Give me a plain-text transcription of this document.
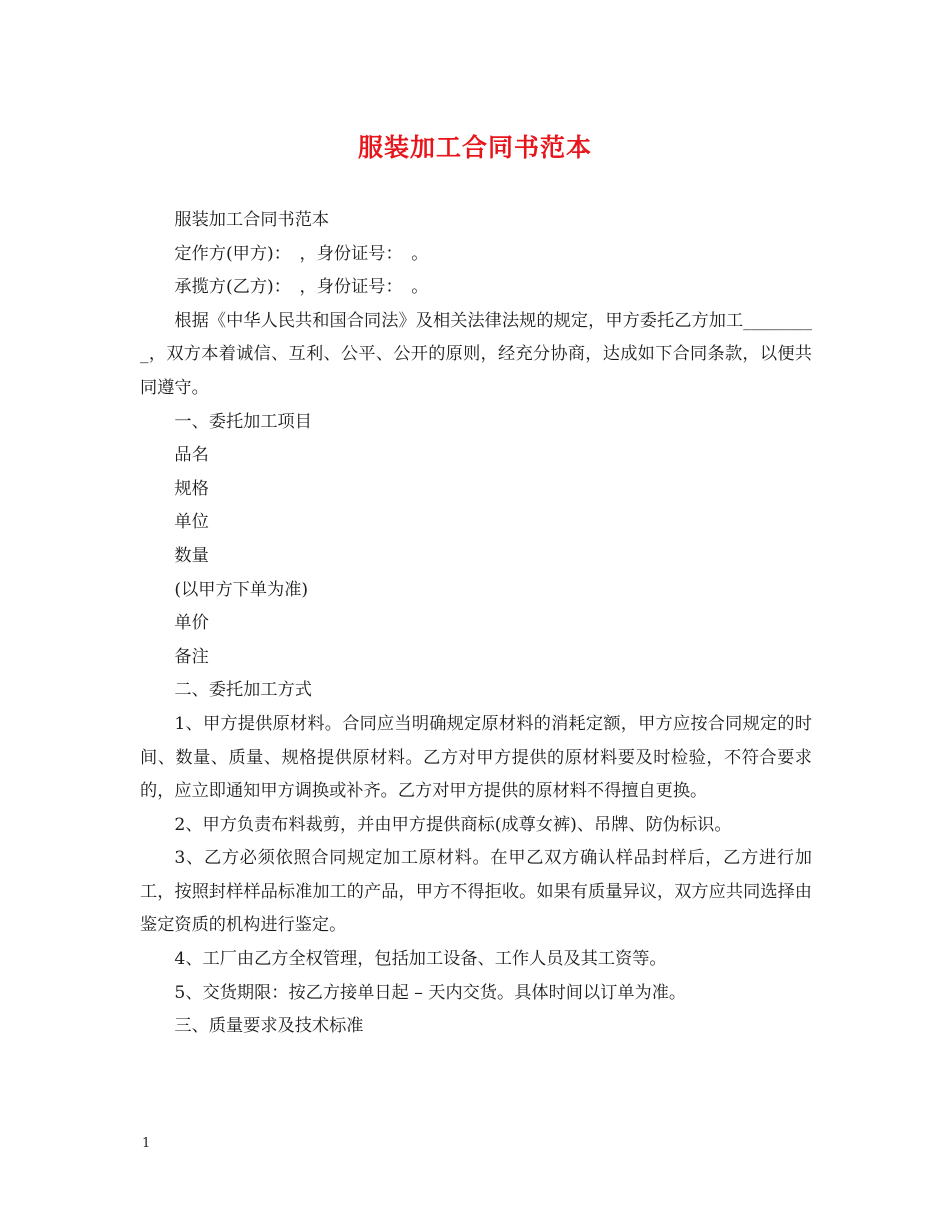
服装加工合同书范本

服装加工合同书范本

定作方(甲方)：　，身份证号：　。

承揽方(乙方)：　，身份证号：　。

根据《中华人民共和国合同法》及相关法律法规的规定，甲方委托乙方加工_________，双方本着诚信、互利、公平、公开的原则，经充分协商，达成如下合同条款，以便共同遵守。

一、委托加工项目

品名

规格

单位

数量

(以甲方下单为准)

单价

备注

二、委托加工方式

1、甲方提供原材料。合同应当明确规定原材料的消耗定额，甲方应按合同规定的时间、数量、质量、规格提供原材料。乙方对甲方提供的原材料要及时检验，不符合要求的，应立即通知甲方调换或补齐。乙方对甲方提供的原材料不得擅自更换。

2、甲方负责布料裁剪，并由甲方提供商标(成尊女裤)、吊牌、防伪标识。

3、乙方必须依照合同规定加工原材料。在甲乙双方确认样品封样后，乙方进行加工，按照封样样品标准加工的产品，甲方不得拒收。如果有质量异议，双方应共同选择由鉴定资质的机构进行鉴定。

4、工厂由乙方全权管理，包括加工设备、工作人员及其工资等。

5、交货期限：按乙方接单日起 – 天内交货。具体时间以订单为准。

三、质量要求及技术标准

1
